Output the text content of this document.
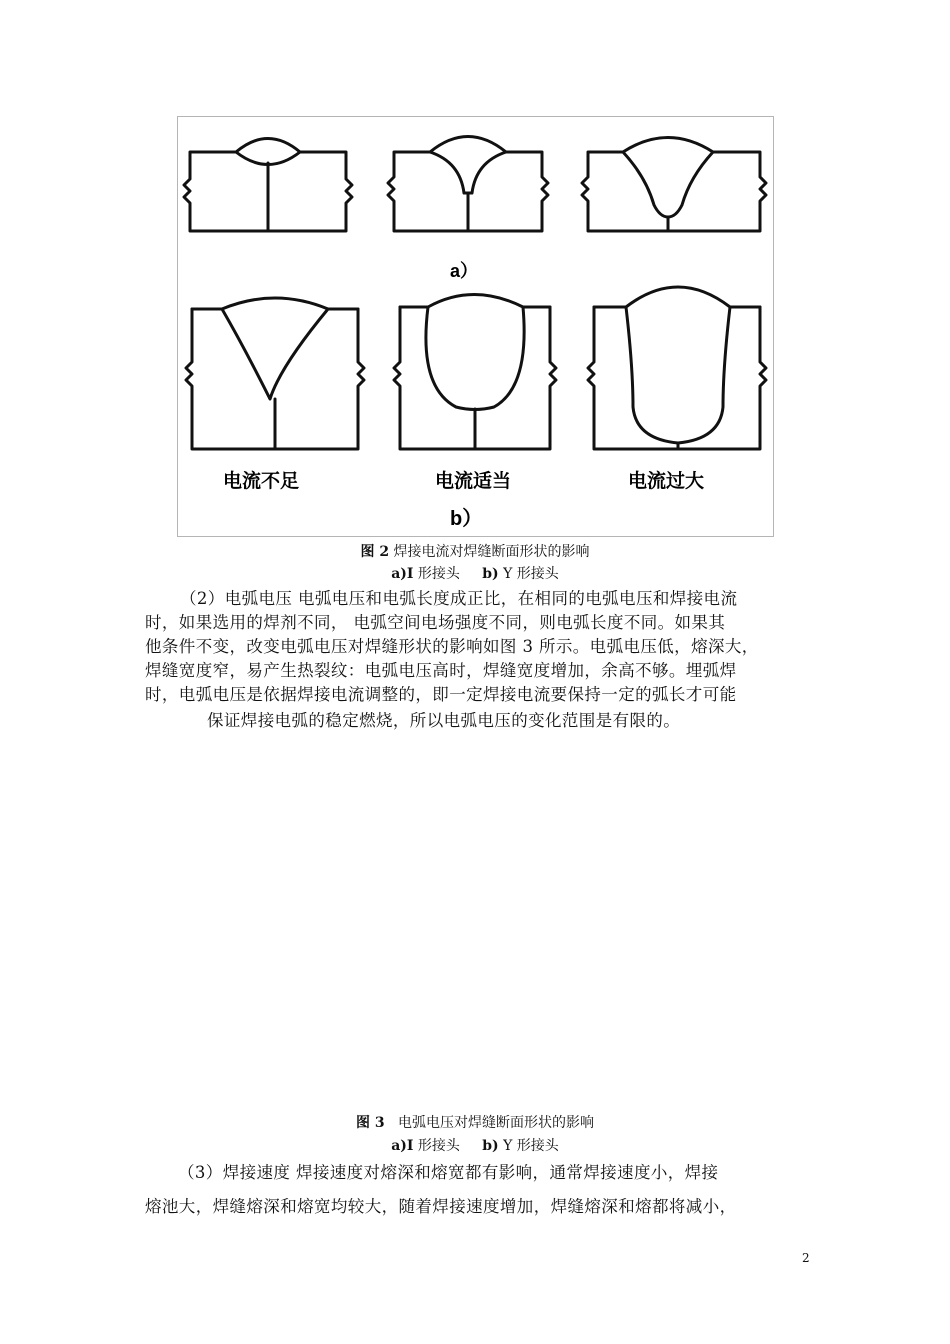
a）
电流不足	电流适当	电流过大
b）
图 2 焊接电流对焊缝断面形状的影响
a)I 形接头 b) Y 形接头
（2）电弧电压 电弧电压和电弧长度成正比，在相同的电弧电压和焊接电流
时，如果选用的焊剂不同， 电弧空间电场强度不同，则电弧长度不同。如果其
他条件不变，改变电弧电压对焊缝形状的影响如图 3 所示。电弧电压低，熔深大，
焊缝宽度窄，易产生热裂纹：电弧电压高时，焊缝宽度增加，余高不够。埋弧焊
时，电弧电压是依据焊接电流调整的，即一定焊接电流要保持一定的弧长才可能
保证焊接电弧的稳定燃烧，所以电弧电压的变化范围是有限的。
图 3 电弧电压对焊缝断面形状的影响
a)I 形接头 b) Y 形接头
（3）焊接速度 焊接速度对熔深和熔宽都有影响，通常焊接速度小，焊接
熔池大，焊缝熔深和熔宽均较大，随着焊接速度增加，焊缝熔深和熔都将减小，
2
